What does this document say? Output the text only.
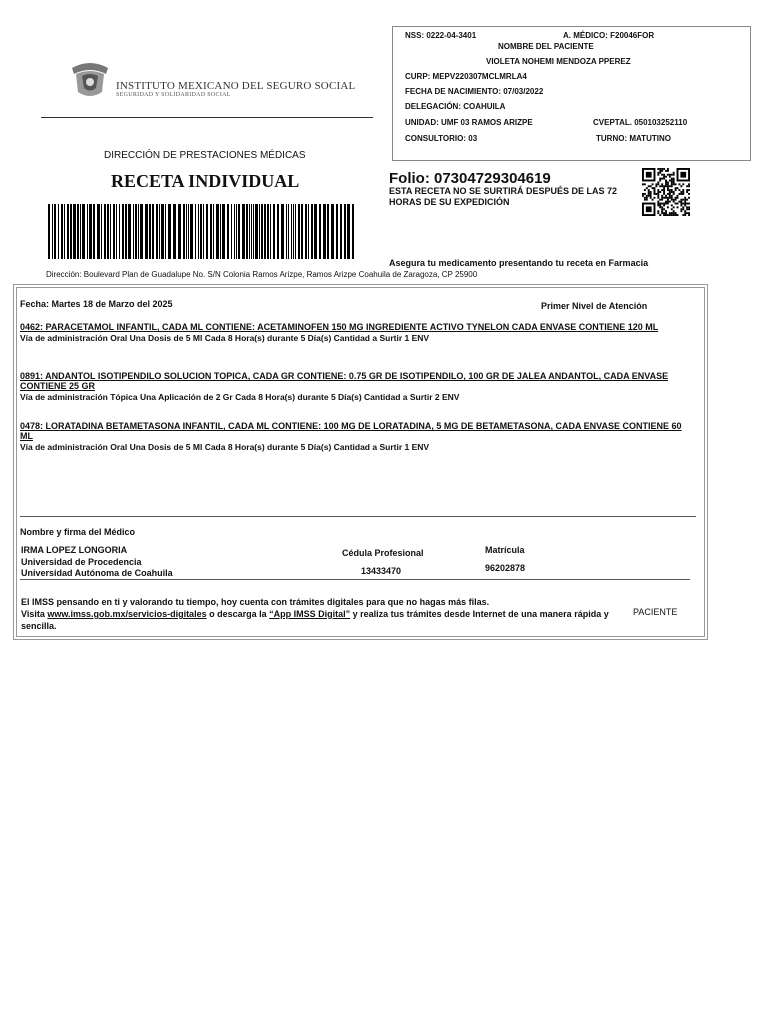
INSTITUTO MEXICANO DEL SEGURO SOCIAL
SEGURIDAD Y SOLIDARIDAD SOCIAL
NSS: 0222-04-3401	A. MÉDICO: F20046FOR
NOMBRE DEL PACIENTE
VIOLETA NOHEMI MENDOZA PPEREZ
CURP: MEPV220307MCLMRLA4
FECHA DE NACIMIENTO: 07/03/2022
DELEGACIÓN: COAHUILA
UNIDAD: UMF 03 RAMOS ARIZPE	CVEPTAL. 050103252110
CONSULTORIO: 03	TURNO: MATUTINO
DIRECCIÓN DE PRESTACIONES MÉDICAS
RECETA INDIVIDUAL	Folio: 07304729304619
ESTA RECETA NO SE SURTIRÁ DESPUÉS DE LAS 72 HORAS DE SU EXPEDICIÓN
Asegura tu medicamento presentando tu receta en Farmacia
Dirección: Boulevard Plan de Guadalupe No. S/N Colonia Ramos Arizpe, Ramos Arizpe Coahuila de Zaragoza, CP 25900
Fecha: Martes 18 de Marzo del 2025	Primer Nivel de Atención
0462: PARACETAMOL INFANTIL, CADA ML CONTIENE: ACETAMINOFEN 150 MG INGREDIENTE ACTIVO TYNELON CADA ENVASE CONTIENE 120 ML
Vía de administración Oral Una Dosis de 5 Ml Cada 8 Hora(s) durante 5 Día(s) Cantidad a Surtir 1 ENV
0891: ANDANTOL ISOTIPENDILO SOLUCION TOPICA, CADA GR CONTIENE: 0.75 GR DE ISOTIPENDILO, 100 GR DE JALEA ANDANTOL, CADA ENVASE CONTIENE 25 GR
Vía de administración Tópica Una Aplicación de 2 Gr Cada 8 Hora(s) durante 5 Día(s) Cantidad a Surtir 2 ENV
0478: LORATADINA BETAMETASONA INFANTIL, CADA ML CONTIENE: 100 MG DE LORATADINA, 5 MG DE BETAMETASONA, CADA ENVASE CONTIENE 60 ML
Vía de administración Oral Una Dosis de 5 Ml Cada 8 Hora(s) durante 5 Día(s) Cantidad a Surtir 1 ENV
Nombre y firma del Médico
IRMA LOPEZ LONGORIA
Universidad de Procedencia
Universidad Autónoma de Coahuila
Cédula Profesional
13433470
Matrícula
96202878
El IMSS pensando en ti y valorando tu tiempo, hoy cuenta con trámites digitales para que no hagas más filas.
Visita www.imss.gob.mx/servicios-digitales o descarga la “App IMSS Digital” y realiza tus trámites desde Internet de una manera rápida y sencilla.
PACIENTE
